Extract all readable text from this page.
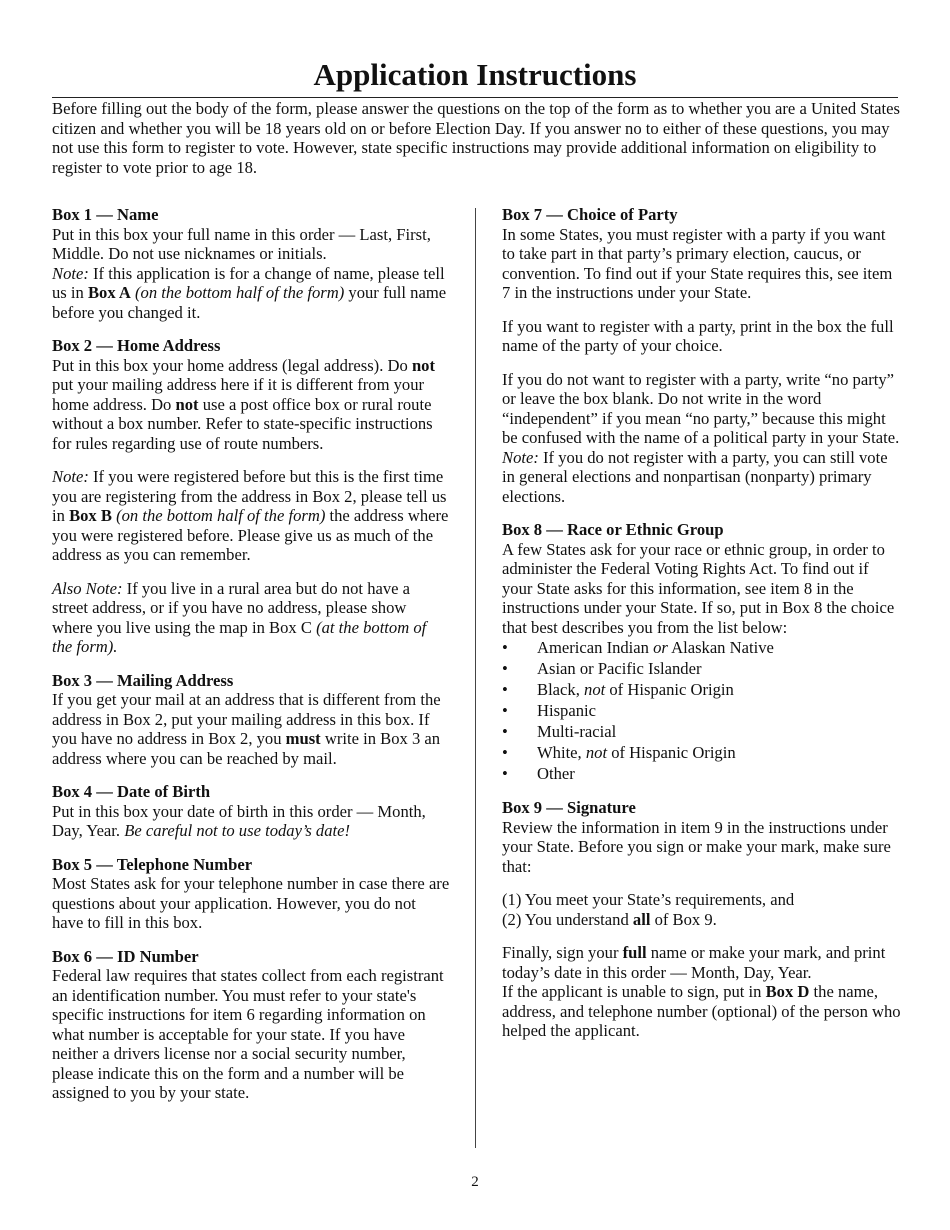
Application Instructions

Before filling out the body of the form, please answer the questions on the top of the form as to whether you are a United States citizen and whether you will be 18 years old on or before Election Day. If you answer no to either of these questions, you may not use this form to register to vote. However, state specific instructions may provide additional information on eligibility to register to vote prior to age 18.

Box 1 — Name

Put in this box your full name in this order — Last, First, Middle. Do not use nicknames or initials.

Note: If this application is for a change of name, please tell us in Box A (on the bottom half of the form) your full name before you changed it.

Box 2 — Home Address

Put in this box your home address (legal address). Do not put your mailing address here if it is different from your home address. Do not use a post office box or rural route without a box number. Refer to state-specific instructions for rules regarding use of route numbers.

Note: If you were registered before but this is the first time you are registering from the address in Box 2, please tell us in Box B (on the bottom half of the form) the address where you were registered before. Please give us as much of the address as you can remember.

Also Note: If you live in a rural area but do not have a street address, or if you have no address, please show where you live using the map in Box C (at the bottom of the form).

Box 3 — Mailing Address

If you get your mail at an address that is different from the address in Box 2, put your mailing address in this box. If you have no address in Box 2, you must write in Box 3 an address where you can be reached by mail.

Box 4 — Date of Birth

Put in this box your date of birth in this order — Month, Day, Year. Be careful not to use today’s date!

Box 5 — Telephone Number

Most States ask for your telephone number in case there are questions about your application. However, you do not have to fill in this box.

Box 6 — ID Number

Federal law requires that states collect from each registrant an identification number. You must refer to your state's specific instructions for item 6 regarding information on what number is acceptable for your state. If you have neither a drivers license nor a social security number, please indicate this on the form and a number will be assigned to you by your state.

Box 7 — Choice of Party

In some States, you must register with a party if you want to take part in that party’s primary election, caucus, or convention. To find out if your State requires this, see item 7 in the instructions under your State.

If you want to register with a party, print in the box the full name of the party of your choice.

If you do not want to register with a party, write “no party” or leave the box blank. Do not write in the word “independent” if you mean “no party,” because this might be confused with the name of a political party in your State.

Note: If you do not register with a party, you can still vote in general elections and nonpartisan (nonparty) primary elections.

Box 8 — Race or Ethnic Group

A few States ask for your race or ethnic group, in order to administer the Federal Voting Rights Act. To find out if your State asks for this information, see item 8 in the instructions under your State. If so, put in Box 8 the choice that best describes you from the list below:

• American Indian or Alaskan Native
• Asian or Pacific Islander
• Black, not of Hispanic Origin
• Hispanic
• Multi-racial
• White, not of Hispanic Origin
• Other
Box 9 — Signature

Review the information in item 9 in the instructions under your State. Before you sign or make your mark, make sure that:

(1) You meet your State’s requirements, and

(2) You understand all of Box 9.

Finally, sign your full name or make your mark, and print today’s date in this order — Month, Day, Year.

If the applicant is unable to sign, put in Box D the name, address, and telephone number (optional) of the person who helped the applicant.

2
